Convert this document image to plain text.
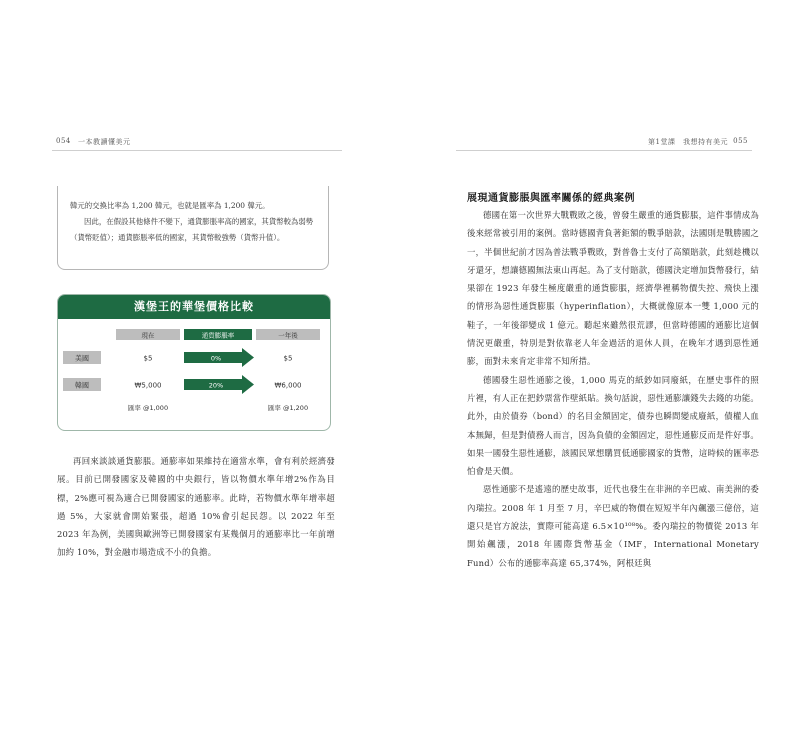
054 一本教讀懂美元

韓元的交換比率為 1,200 韓元，也就是匯率為 1,200 韓元。

因此，在假設其他條件不變下，通貨膨脹率高的國家，其貨幣較為弱勢（貨幣貶值）；通貨膨脹率低的國家，其貨幣較強勢（貨幣升值）。

漢堡王的華堡價格比較
現在	通貨膨脹率	一年後
美國	$5	0%	$5
韓國	₩5,000	20%	₩6,000
匯率 @1,000	匯率 @1,200

再回來談談通貨膨脹。通膨率如果維持在適當水準，會有利於經濟發展。目前已開發國家及韓國的中央銀行，皆以物價水準年增2%作為目標，2%應可視為適合已開發國家的通膨率。此時，若物價水準年增率超過 5%，大家就會開始緊張，超過 10%會引起民怨。以 2022 年至 2023 年為例，美國與歐洲等已開發國家有某幾個月的通膨率比一年前增加約 10%，對金融市場造成不小的負擔。

第1堂課　我想持有美元 055
展現通貨膨脹與匯率關係的經典案例

德國在第一次世界大戰戰敗之後，曾發生嚴重的通貨膨脹，這件事情成為後來經常被引用的案例。當時德國背負著鉅額的戰爭賠款，法國則是戰勝國之一，半個世紀前才因為普法戰爭戰敗，對普魯士支付了高額賠款，此刻趁機以牙還牙，想讓德國無法東山再起。為了支付賠款，德國決定增加貨幣發行，結果卻在 1923 年發生極度嚴重的通貨膨脹，經濟學裡稱物價失控、飛快上漲的情形為惡性通貨膨脹（hyperinflation），大概就像原本一雙 1,000 元的鞋子，一年後卻變成 1 億元。聽起來雖然很荒謬，但當時德國的通膨比這個情況更嚴重，特別是對依靠老人年金過活的退休人員，在晚年才遇到惡性通膨，面對未來肯定非常不知所措。

德國發生惡性通膨之後，1,000 馬克的紙鈔如同廢紙，在歷史事件的照片裡，有人正在把鈔票當作壁紙貼。換句話說，惡性通膨讓錢失去錢的功能。此外，由於債券（bond）的名目金額固定，債券也瞬間變成廢紙，債權人血本無歸，但是對債務人而言，因為負債的金額固定，惡性通膨反而是件好事。如果一國發生惡性通膨，該國民眾想購買低通膨國家的貨幣，這時候的匯率恐怕會是天價。

惡性通膨不是遙遠的歷史故事，近代也發生在非洲的辛巴威、南美洲的委內瑞拉。2008 年 1 月至 7 月，辛巴威的物價在短短半年內飆漲三億倍，這還只是官方說法，實際可能高達 6.5×10¹⁰⁸%。委內瑞拉的物價從 2013 年開始飆漲，2018 年國際貨幣基金（IMF，International Monetary Fund）公布的通膨率高達 65,374%，阿根廷與
